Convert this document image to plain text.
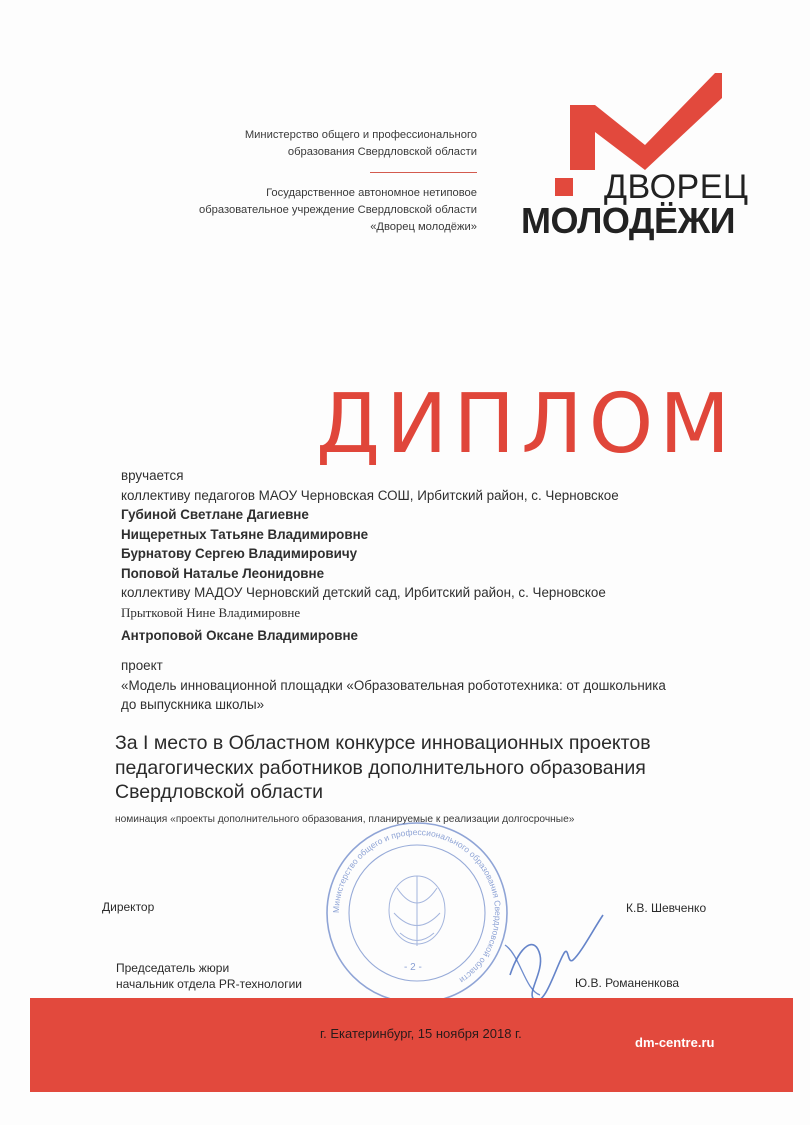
Министерство общего и профессионального
образования Свердловской области
Государственное автономное нетиповое
образовательное учреждение Свердловской области
«Дворец молодёжи»
ДВОРЕЦ
МОЛОДЁЖИ
ДИПЛОМ
вручается
коллективу педагогов МАОУ Черновская СОШ, Ирбитский район, с. Черновское
Губиной Светлане Дагиевне
Нищеретных Татьяне Владимировне
Бурнатову Сергею Владимировичу
Поповой Наталье Леонидовне
коллективу МАДОУ Черновский детский сад, Ирбитский район, с. Черновское
Прытковой Нине Владимировне
Антроповой Оксане Владимировне
проект
«Модель инновационной площадки «Образовательная робототехника: от дошкольника
до выпускника школы»
За I место в Областном конкурсе инновационных проектов
педагогических работников дополнительного образования
Свердловской области
номинация «проекты дополнительного образования, планируемые к реализации долгосрочные»
Министерство общего и профессионального образования Свердловской области
- 2 -
Директор	К.В. Шевченко
Председатель жюри
начальник отдела PR-технологии	Ю.В. Романенкова
г. Екатеринбург, 15 ноября 2018 г.
dm-centre.ru
